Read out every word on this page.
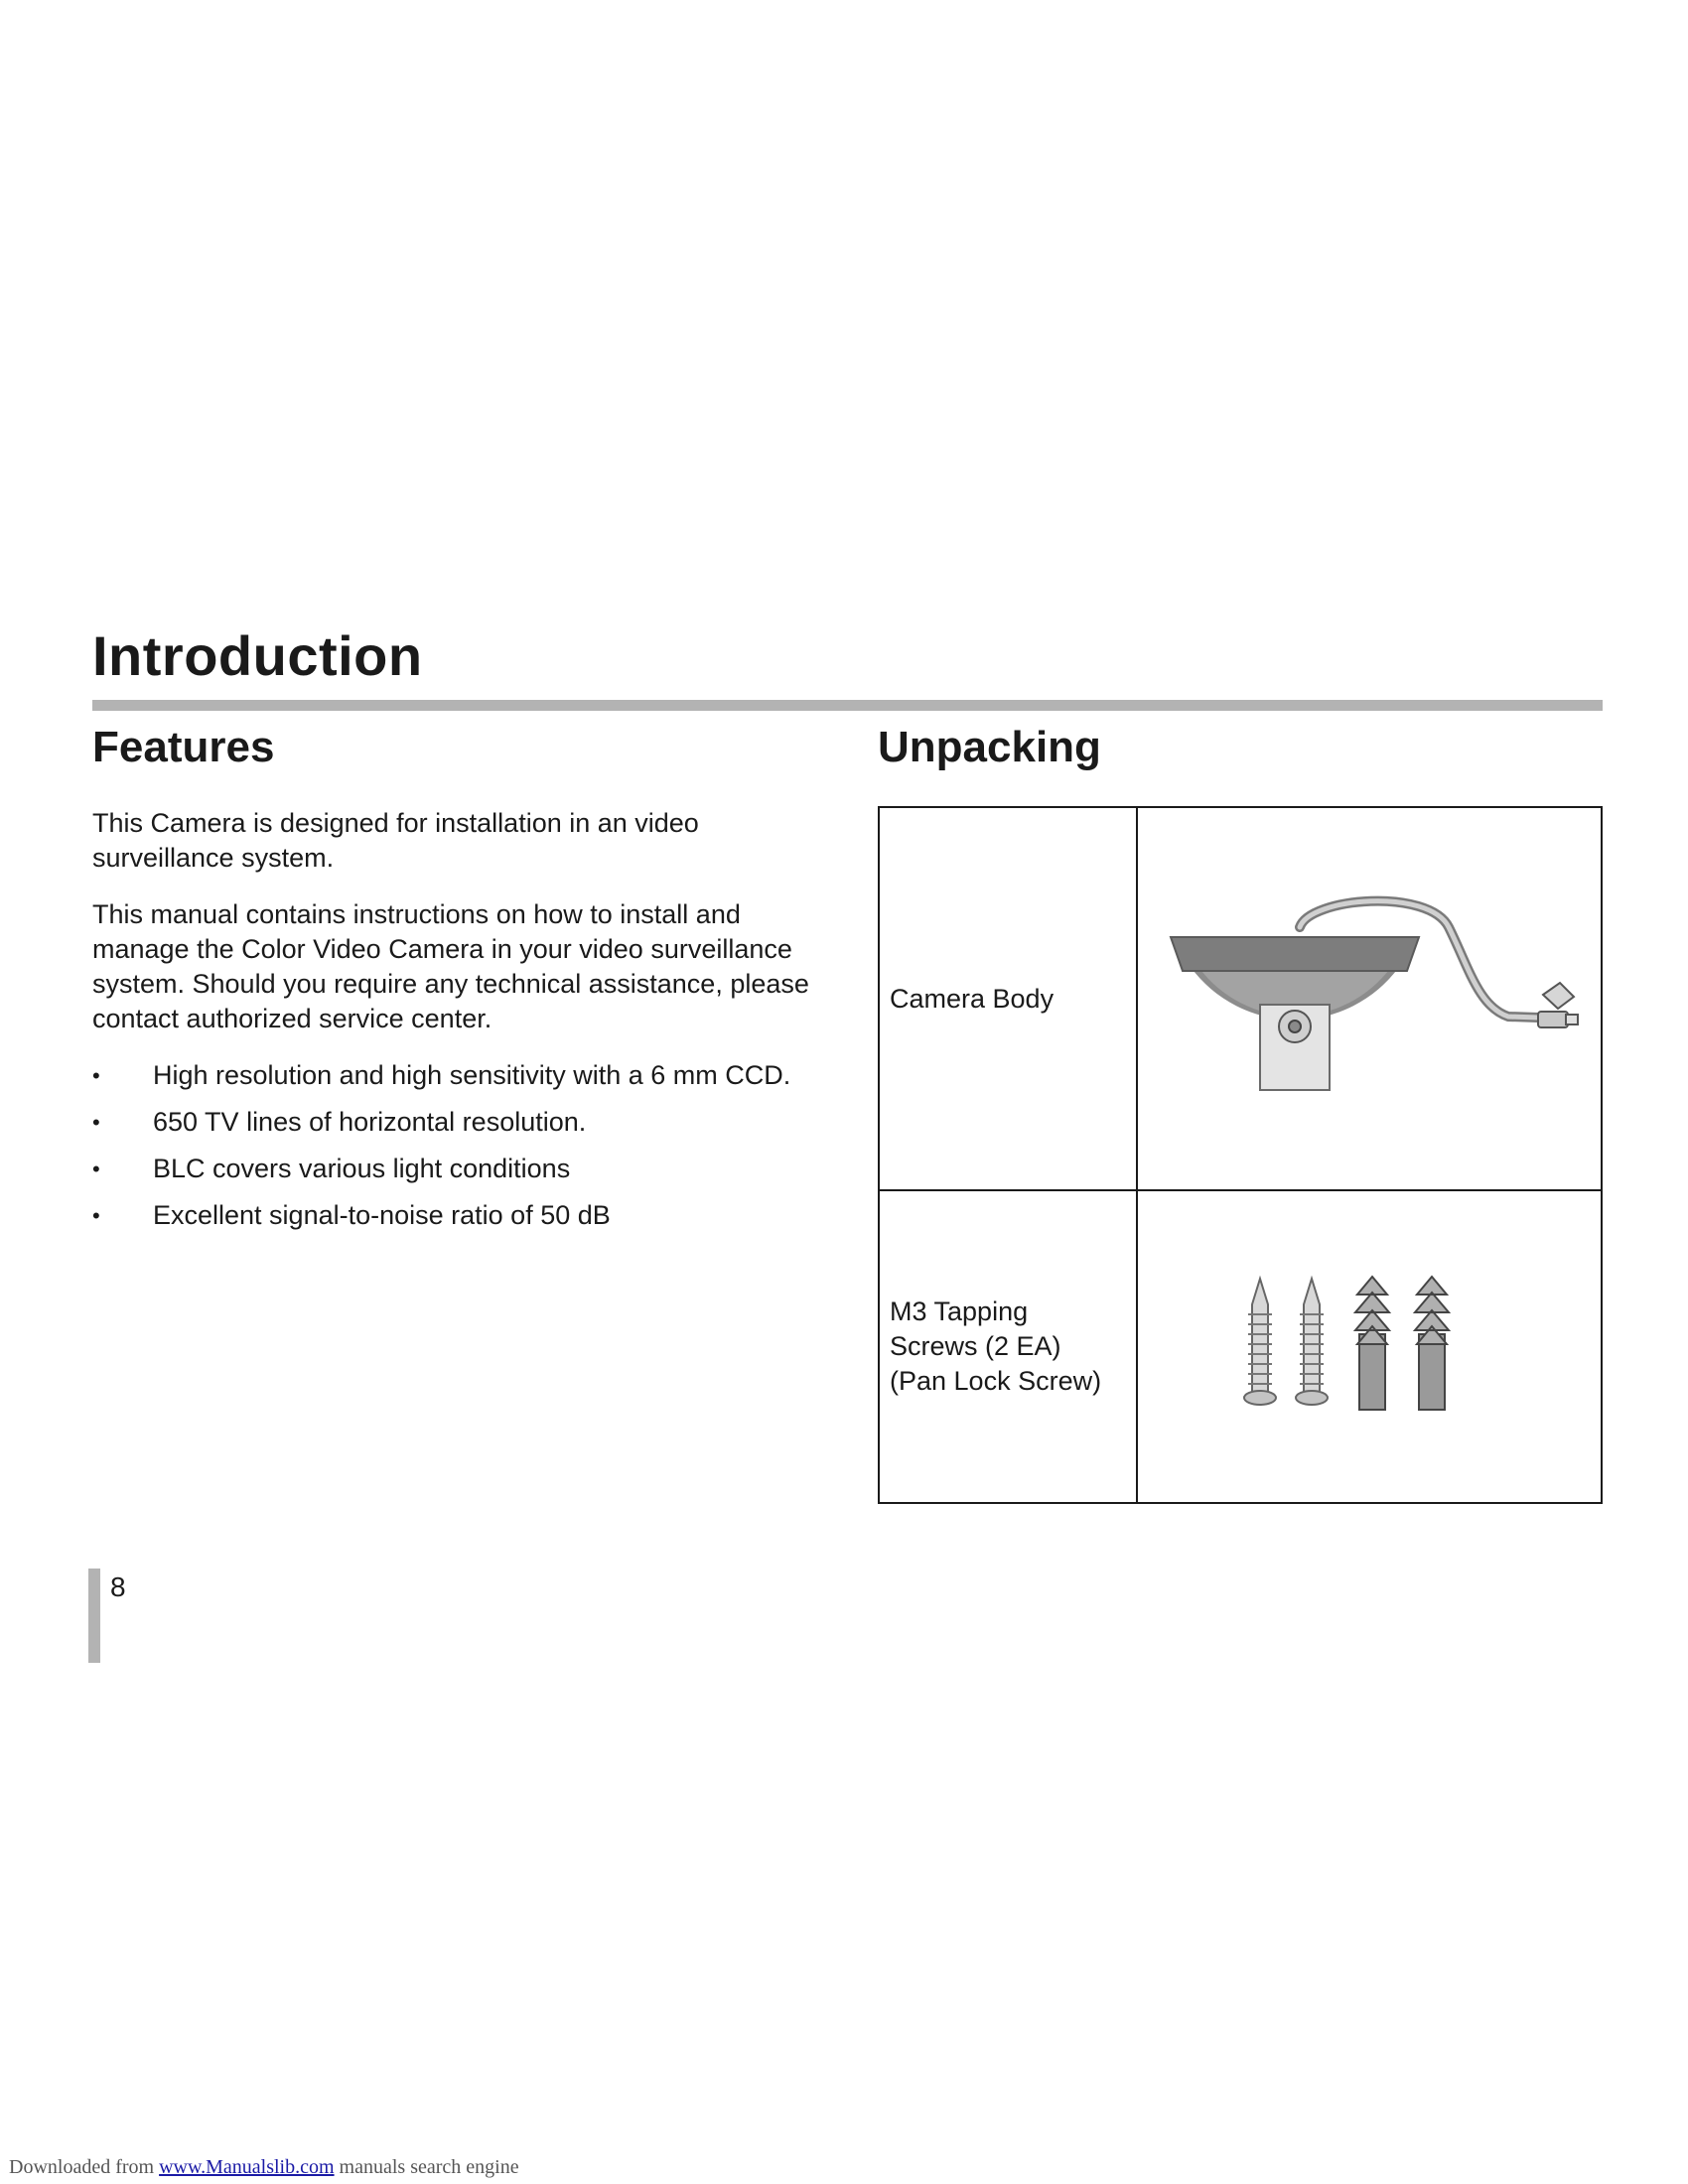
Introduction
Features	Unpacking

This Camera is designed for installation in an video surveillance system.

This manual contains instructions on how to install and manage the Color Video Camera in your video surveillance system. Should you require any technical assistance, please contact authorized service center.

• High resolution and high sensitivity with a 6 mm CCD.
• 650 TV lines of horizontal resolution.
• BLC covers various light conditions
• Excellent signal-to-noise ratio of 50 dB
Camera Body	

M3 Tapping
Screws (2 EA)
(Pan Lock Screw)

8
Downloaded from www.Manualslib.com manuals search engine
